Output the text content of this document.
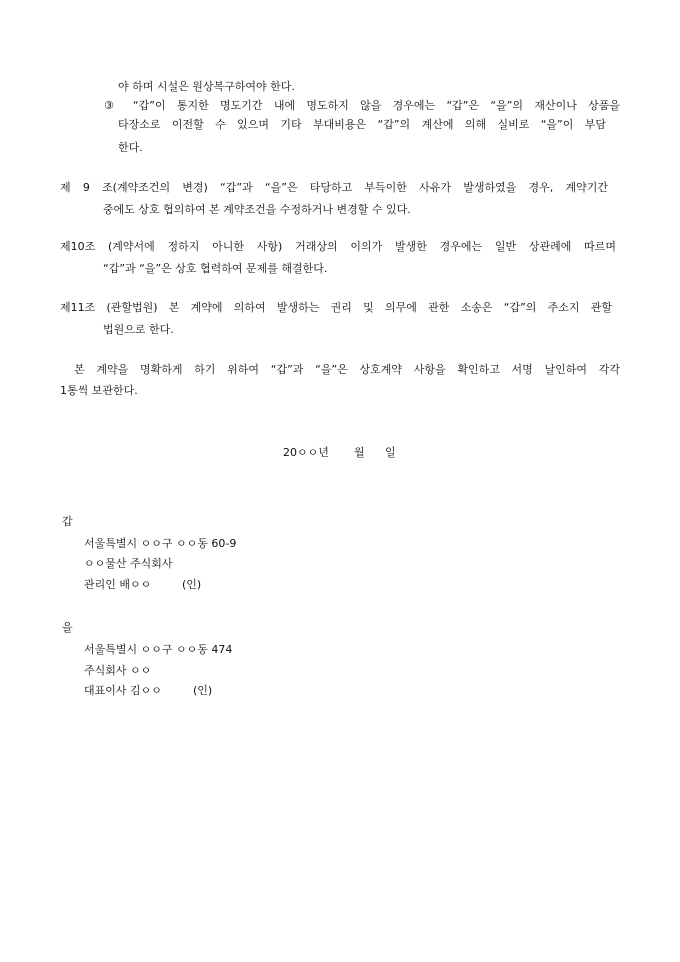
야 하며 시설은 원상복구하여야 한다.
③ “갑”이 통지한 명도기간 내에 명도하지 않을 경우에는 “갑”은 “을”의 재산이나 상품을
타장소로 이전할 수 있으며 기타 부대비용은 “갑”의 계산에 의해 실비로 “을”이 부담
한다.
제 9 조(계약조건의 변경) “갑”과 “을”은 타당하고 부득이한 사유가 발생하였을 경우, 계약기간
중에도 상호 협의하여 본 계약조건을 수정하거나 변경할 수 있다.
제10조 (계약서에 정하지 아니한 사항) 거래상의 이의가 발생한 경우에는 일반 상관례에 따르며
“갑”과 “을”은 상호 협력하여 문제를 해결한다.
제11조 (관할법원) 본 계약에 의하여 발생하는 권리 및 의무에 관한 소송은 “갑”의 주소지 관할
법원으로 한다.
본 계약을 명확하게 하기 위하여 “갑”과 “을”은 상호계약 사항을 확인하고 서명 날인하여 각각
1통씩 보관한다.
20ㅇㅇ년 월 일
갑
서울특별시 ㅇㅇ구 ㅇㅇ동 60-9
ㅇㅇ물산 주식회사
관리인 배ㅇㅇ	(인)
을
서울특별시 ㅇㅇ구 ㅇㅇ동 474
주식회사 ㅇㅇ
대표이사 김ㅇㅇ	(인)
